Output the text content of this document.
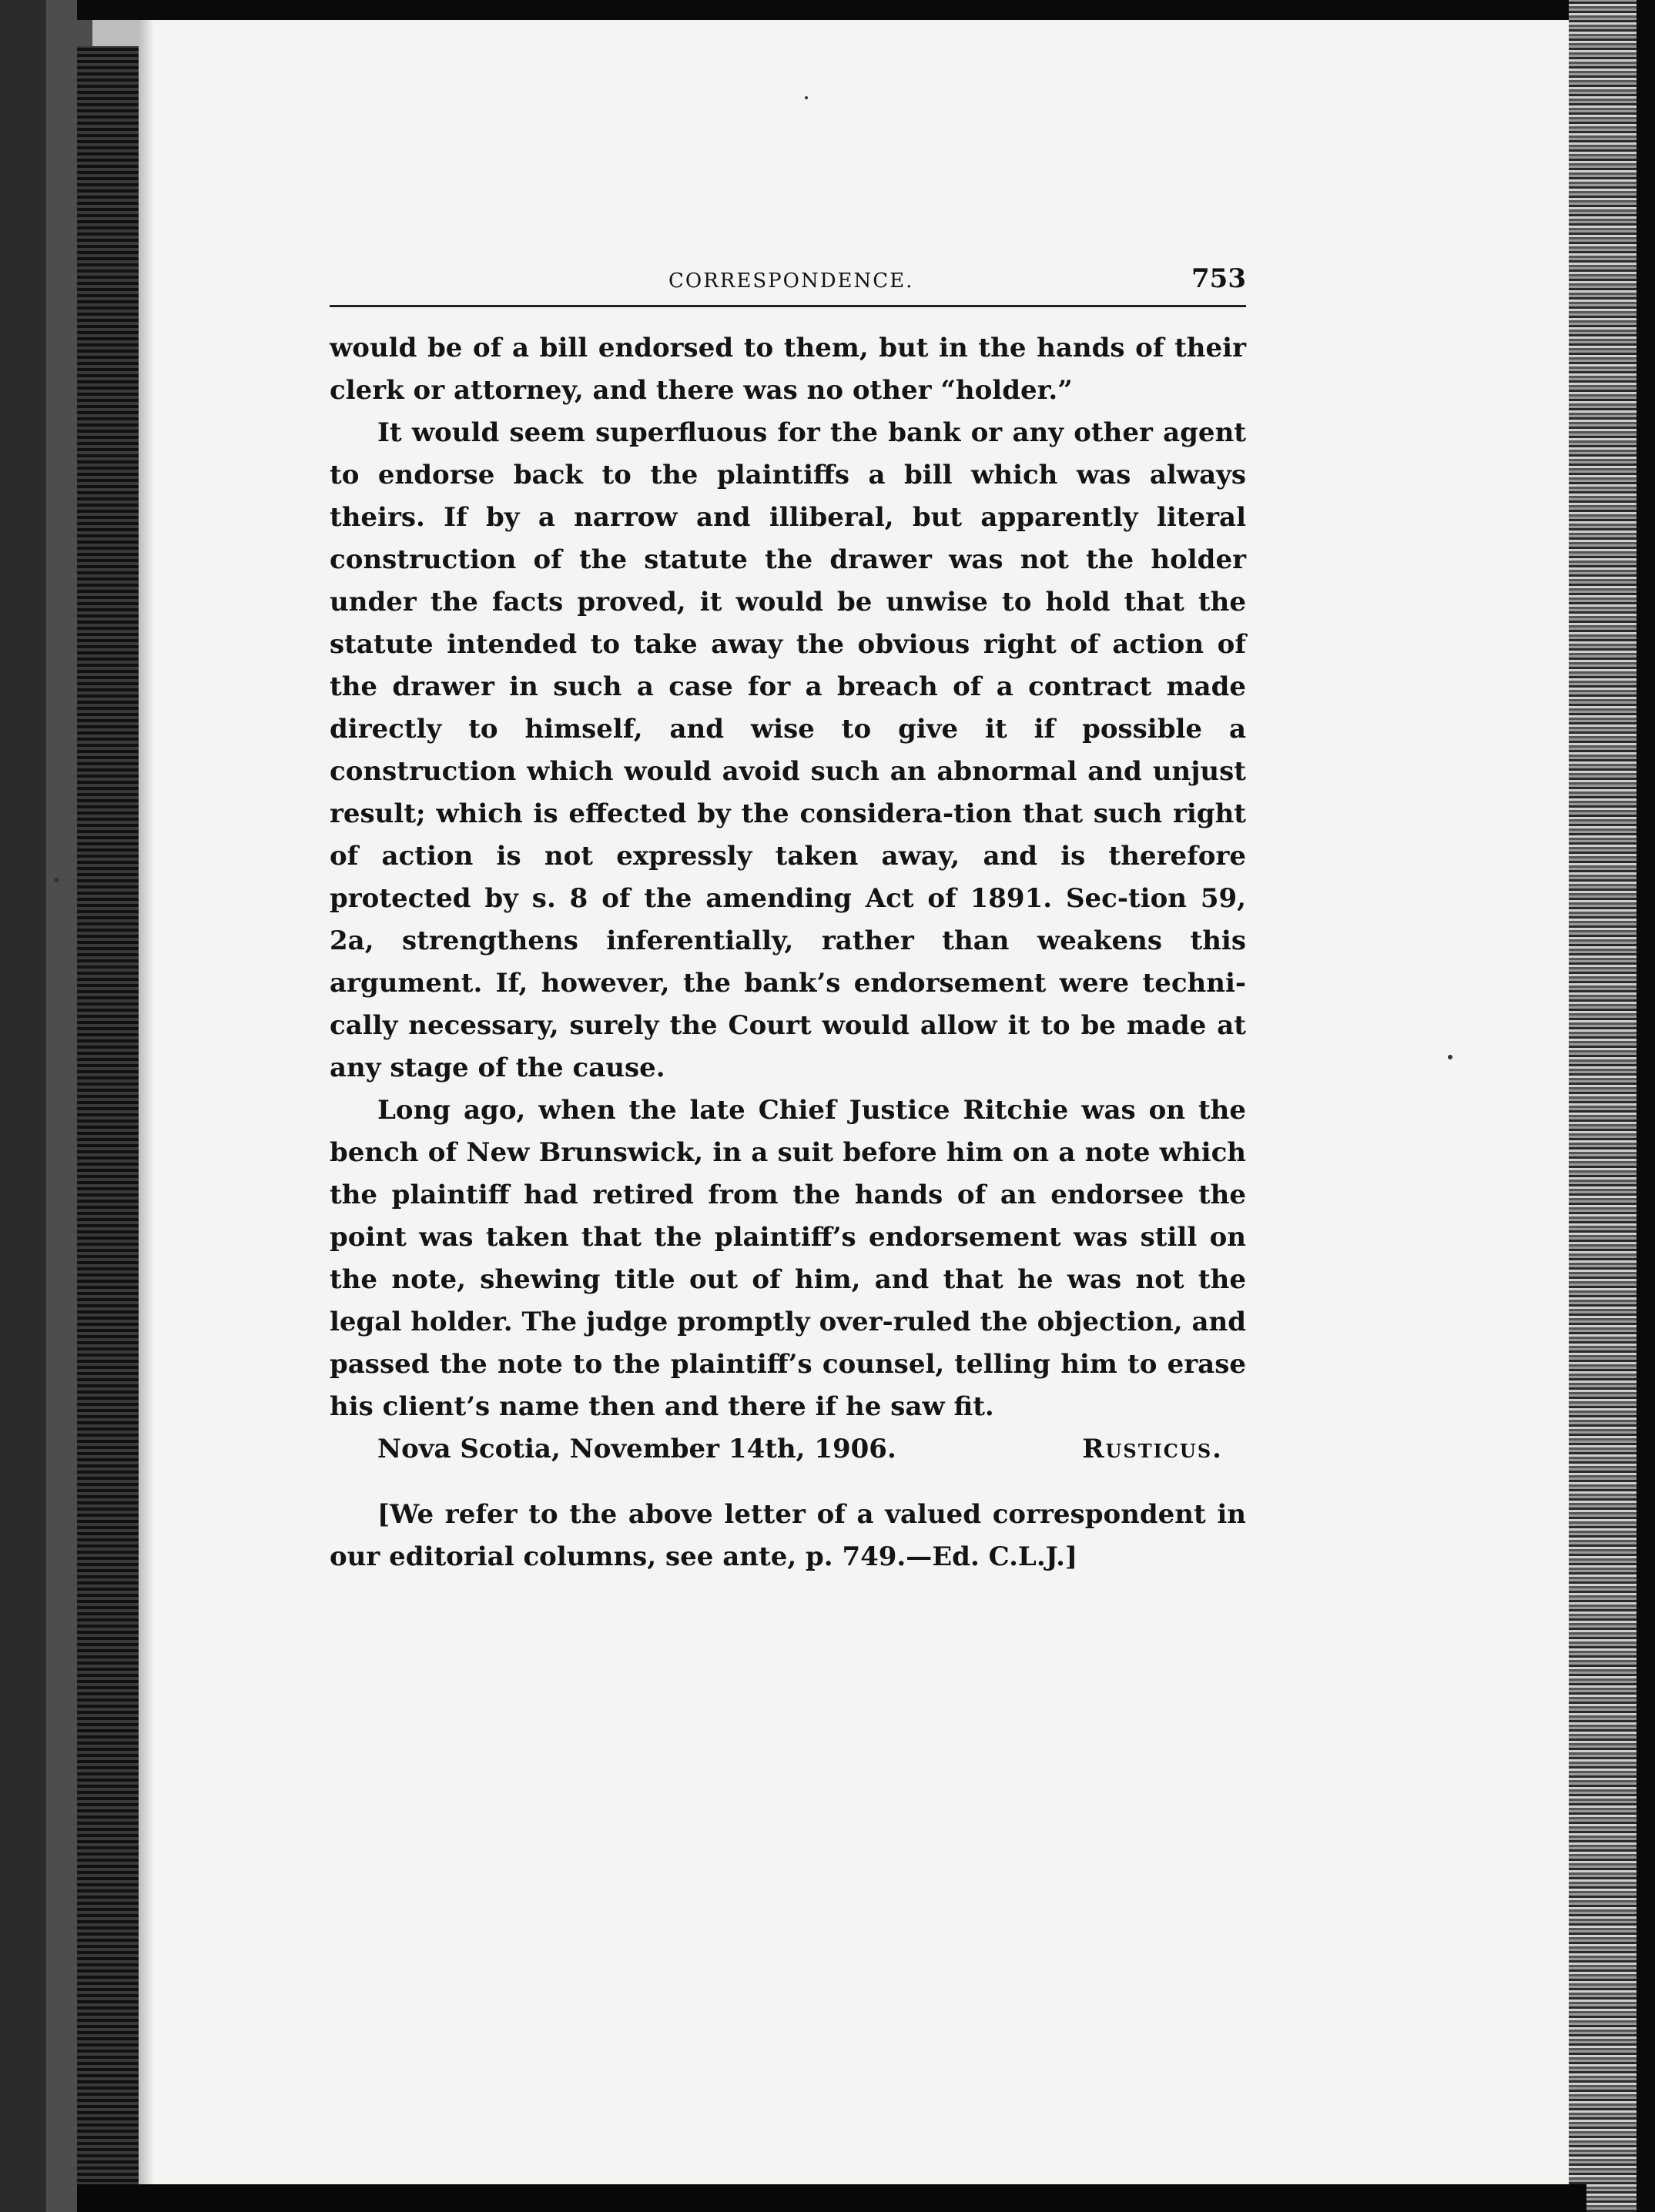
CORRESPONDENCE.	753

would be of a bill endorsed to them, but in the hands of their clerk or attorney, and there was no other “holder.”

It would seem superfluous for the bank or any other agent to endorse back to the plaintiffs a bill which was always theirs. If by a narrow and illiberal, but apparently literal construction of the statute the drawer was not the holder under the facts proved, it would be unwise to hold that the statute intended to take away the obvious right of action of the drawer in such a case for a breach of a contract made directly to himself, and wise to give it if possible a construction which would avoid such an abnormal and unjust result; which is effected by the considera-tion that such right of action is not expressly taken away, and is therefore protected by s. 8 of the amending Act of 1891. Sec-tion 59, 2a, strengthens inferentially, rather than weakens this argument. If, however, the bank’s endorsement were techni-cally necessary, surely the Court would allow it to be made at any stage of the cause.

Long ago, when the late Chief Justice Ritchie was on the bench of New Brunswick, in a suit before him on a note which the plaintiff had retired from the hands of an endorsee the point was taken that the plaintiff’s endorsement was still on the note, shewing title out of him, and that he was not the legal holder. The judge promptly over-ruled the objection, and passed the note to the plaintiff’s counsel, telling him to erase his client’s name then and there if he saw fit.

Nova Scotia, November 14th, 1906.	Rusticus.

[We refer to the above letter of a valued correspondent in our editorial columns, see ante, p. 749.—Ed. C.L.J.]
